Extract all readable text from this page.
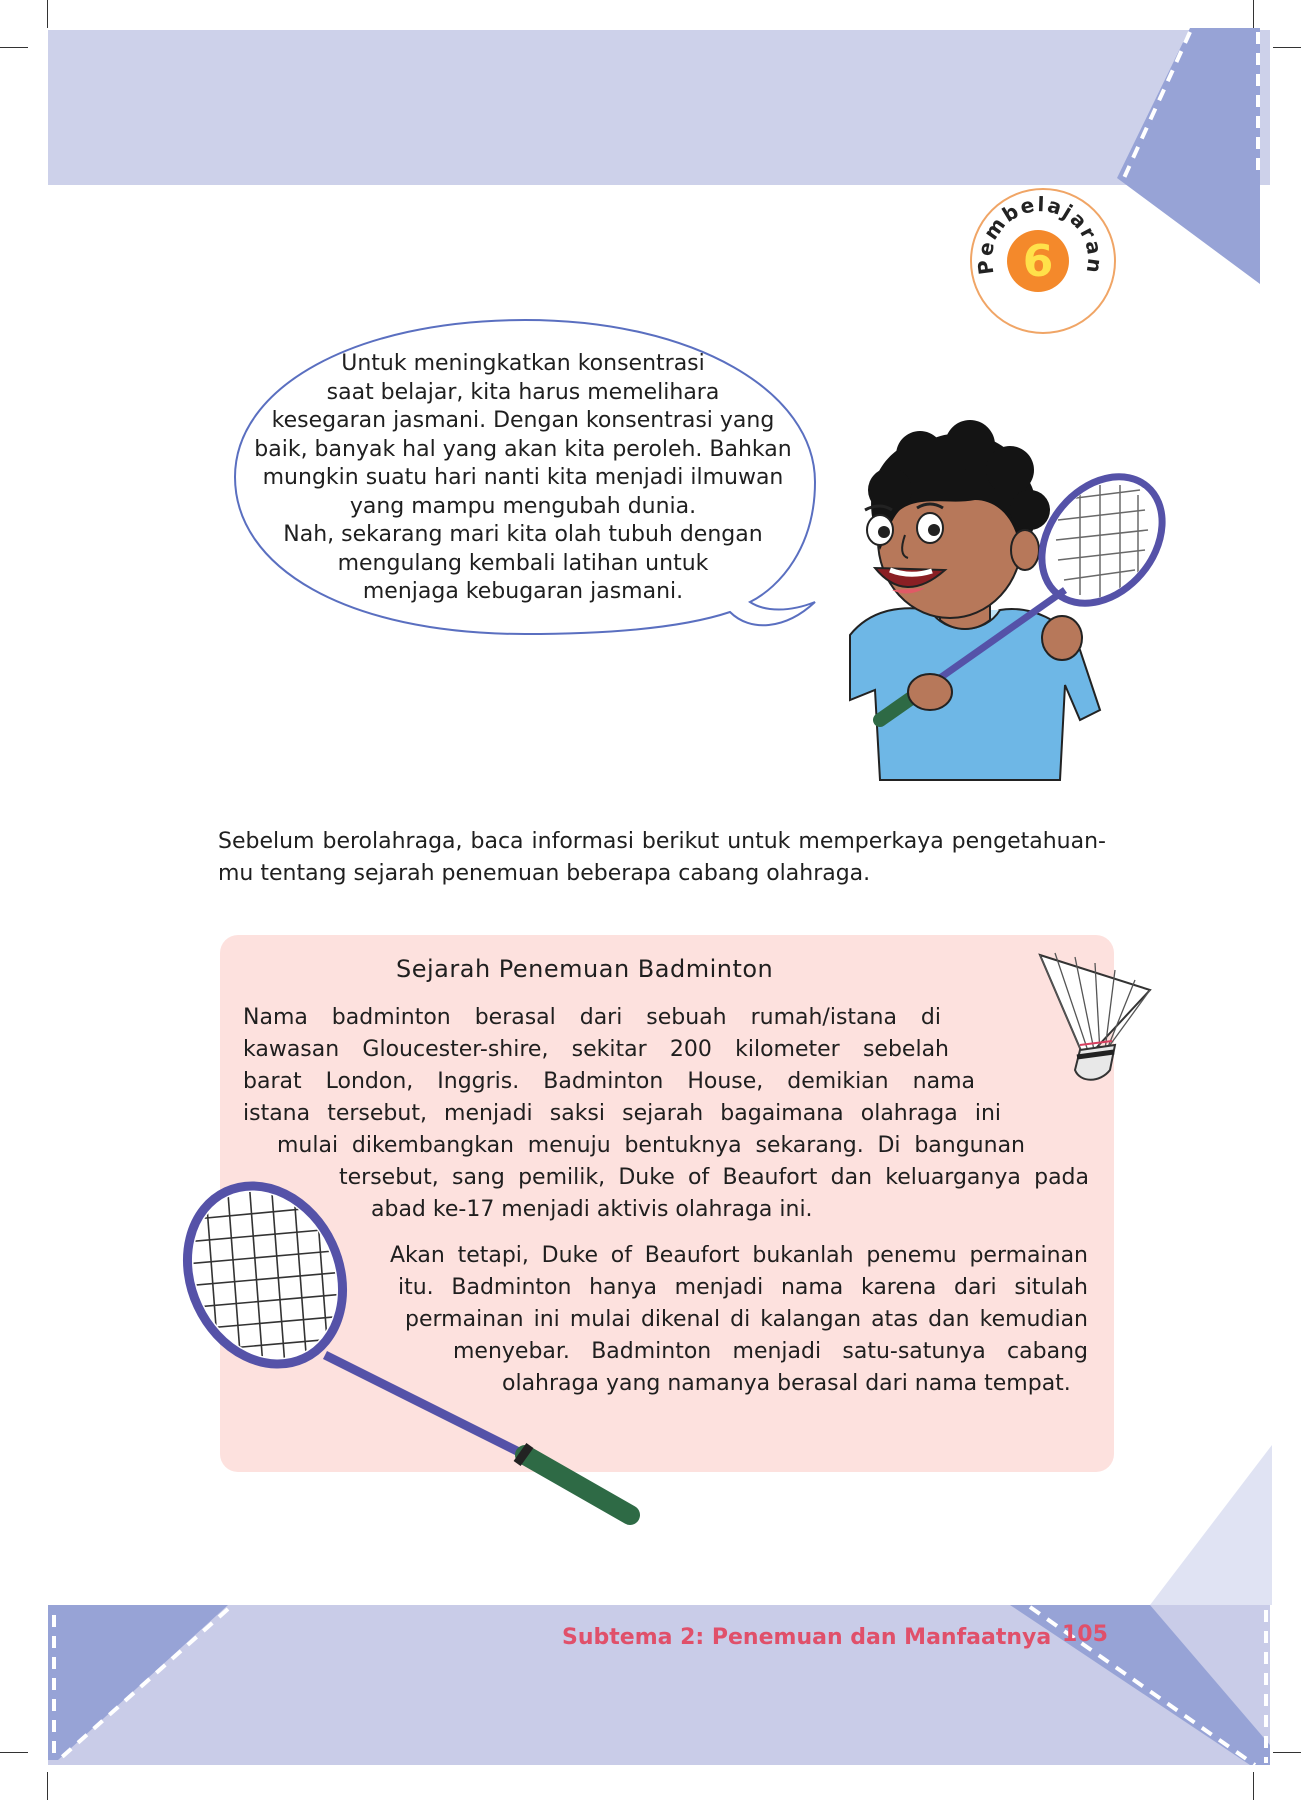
Pembelajaran
6
Untuk meningkatkan konsentrasi
saat belajar, kita harus memelihara
kesegaran jasmani. Dengan konsentrasi yang
baik, banyak hal yang akan kita peroleh. Bahkan
mungkin suatu hari nanti kita menjadi ilmuwan
yang mampu mengubah dunia.
Nah, sekarang mari kita olah tubuh dengan
mengulang kembali latihan untuk
menjaga kebugaran jasmani.
Sebelum berolahraga, baca informasi berikut untuk memperkaya pengetahuan-mu tentang sejarah penemuan beberapa cabang olahraga.
Sejarah Penemuan Badminton
Nama badminton berasal dari sebuah rumah/istana di
kawasan Gloucester-shire, sekitar 200 kilometer sebelah
barat London, Inggris. Badminton House, demikian nama
istana tersebut, menjadi saksi sejarah bagaimana olahraga ini
mulai dikembangkan menuju bentuknya sekarang. Di bangunan
tersebut, sang pemilik, Duke of Beaufort dan keluarganya pada
abad ke-17 menjadi aktivis olahraga ini.
Akan tetapi, Duke of Beaufort bukanlah penemu permainan
itu. Badminton hanya menjadi nama karena dari situlah
permainan ini mulai dikenal di kalangan atas dan kemudian
menyebar. Badminton menjadi satu-satunya cabang
olahraga yang namanya berasal dari nama tempat.
Subtema 2: Penemuan dan Manfaatnya 105
